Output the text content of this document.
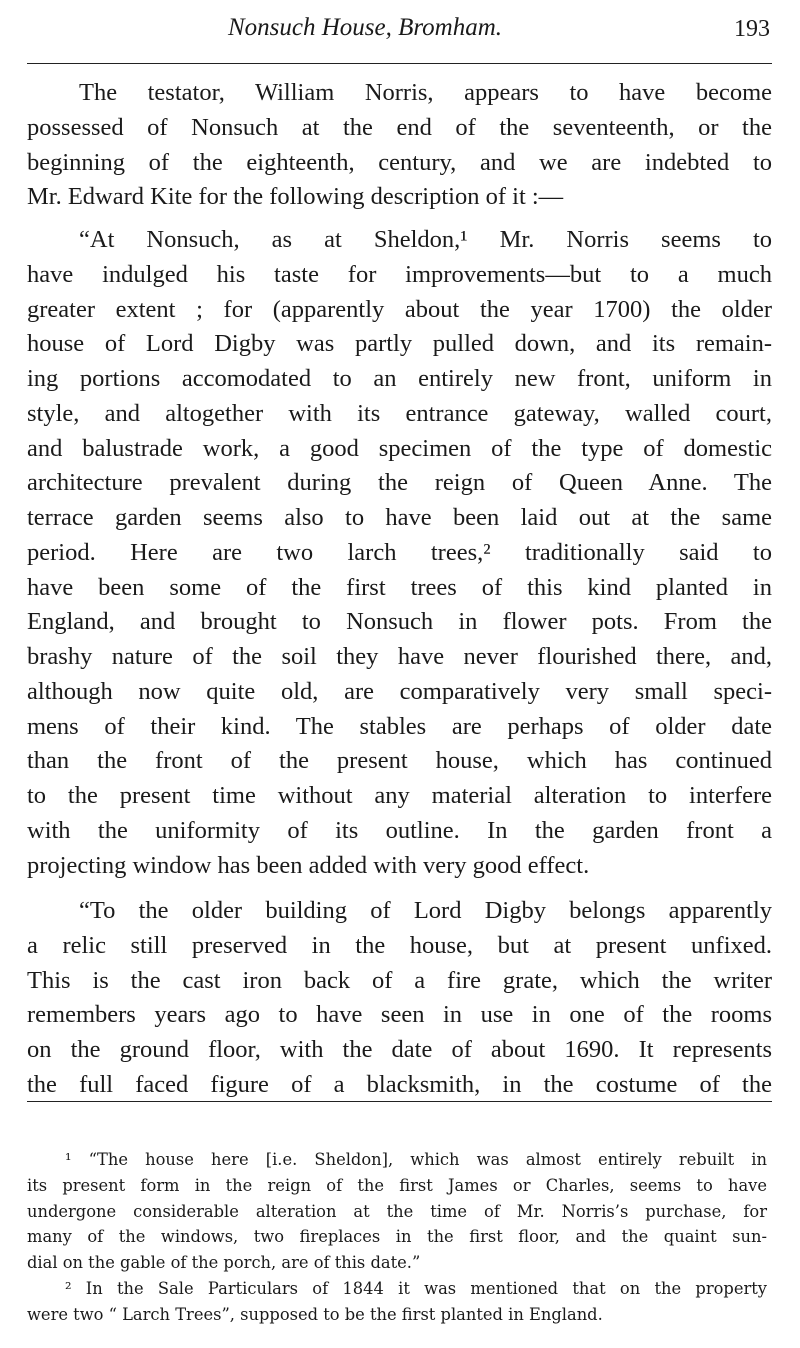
Nonsuch House, Bromham.	193
The testator, William Norris, appears to have become
possessed of Nonsuch at the end of the seventeenth, or the
beginning of the eighteenth, century, and we are indebted to
Mr. Edward Kite for the following description of it :—
“At Nonsuch, as at Sheldon,¹ Mr. Norris seems to
have indulged his taste for improvements—but to a much
greater extent ; for (apparently about the year 1700) the older
house of Lord Digby was partly pulled down, and its remain-
ing portions accomodated to an entirely new front, uniform in
style, and altogether with its entrance gateway, walled court,
and balustrade work, a good specimen of the type of domestic
architecture prevalent during the reign of Queen Anne. The
terrace garden seems also to have been laid out at the same
period. Here are two larch trees,² traditionally said to
have been some of the first trees of this kind planted in
England, and brought to Nonsuch in flower pots. From the
brashy nature of the soil they have never flourished there, and,
although now quite old, are comparatively very small speci-
mens of their kind. The stables are perhaps of older date
than the front of the present house, which has continued
to the present time without any material alteration to interfere
with the uniformity of its outline. In the garden front a
projecting window has been added with very good effect.
“To the older building of Lord Digby belongs apparently
a relic still preserved in the house, but at present unfixed.
This is the cast iron back of a fire grate, which the writer
remembers years ago to have seen in use in one of the rooms
on the ground floor, with the date of about 1690. It represents
the full faced figure of a blacksmith, in the costume of the
¹ “The house here [i.e. Sheldon], which was almost entirely rebuilt in
its present form in the reign of the first James or Charles, seems to have
undergone considerable alteration at the time of Mr. Norris’s purchase, for
many of the windows, two fireplaces in the first floor, and the quaint sun-
dial on the gable of the porch, are of this date.”
² In the Sale Particulars of 1844 it was mentioned that on the property
were two “ Larch Trees”, supposed to be the first planted in England.
